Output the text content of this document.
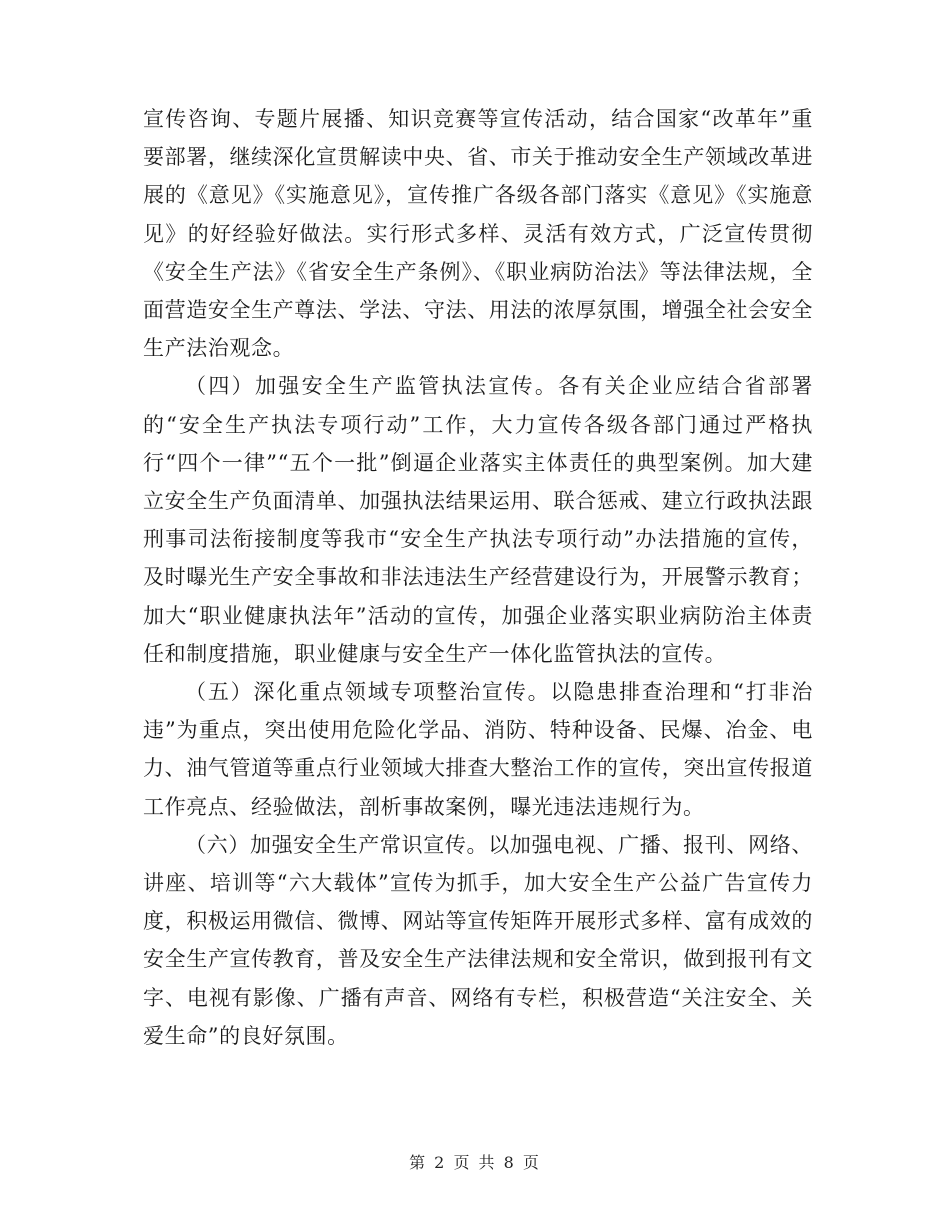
宣传咨询、专题片展播、知识竞赛等宣传活动，结合国家“改革年”重要部署，继续深化宣贯解读中央、省、市关于推动安全生产领域改革进展的《意见》《实施意见》，宣传推广各级各部门落实《意见》《实施意见》的好经验好做法。实行形式多样、灵活有效方式，广泛宣传贯彻《安全生产法》《省安全生产条例》、《职业病防治法》等法律法规，全面营造安全生产尊法、学法、守法、用法的浓厚氛围，增强全社会安全生产法治观念。

（四）加强安全生产监管执法宣传。各有关企业应结合省部署的“安全生产执法专项行动”工作，大力宣传各级各部门通过严格执行“四个一律”“五个一批”倒逼企业落实主体责任的典型案例。加大建立安全生产负面清单、加强执法结果运用、联合惩戒、建立行政执法跟刑事司法衔接制度等我市“安全生产执法专项行动”办法措施的宣传，及时曝光生产安全事故和非法违法生产经营建设行为，开展警示教育；加大“职业健康执法年”活动的宣传，加强企业落实职业病防治主体责任和制度措施，职业健康与安全生产一体化监管执法的宣传。

（五）深化重点领域专项整治宣传。以隐患排查治理和“打非治违”为重点，突出使用危险化学品、消防、特种设备、民爆、冶金、电力、油气管道等重点行业领域大排查大整治工作的宣传，突出宣传报道工作亮点、经验做法，剖析事故案例，曝光违法违规行为。

（六）加强安全生产常识宣传。以加强电视、广播、报刊、网络、讲座、培训等“六大载体”宣传为抓手，加大安全生产公益广告宣传力度，积极运用微信、微博、网站等宣传矩阵开展形式多样、富有成效的安全生产宣传教育，普及安全生产法律法规和安全常识，做到报刊有文字、电视有影像、广播有声音、网络有专栏，积极营造“关注安全、关爱生命”的良好氛围。

第 2 页 共 8 页
